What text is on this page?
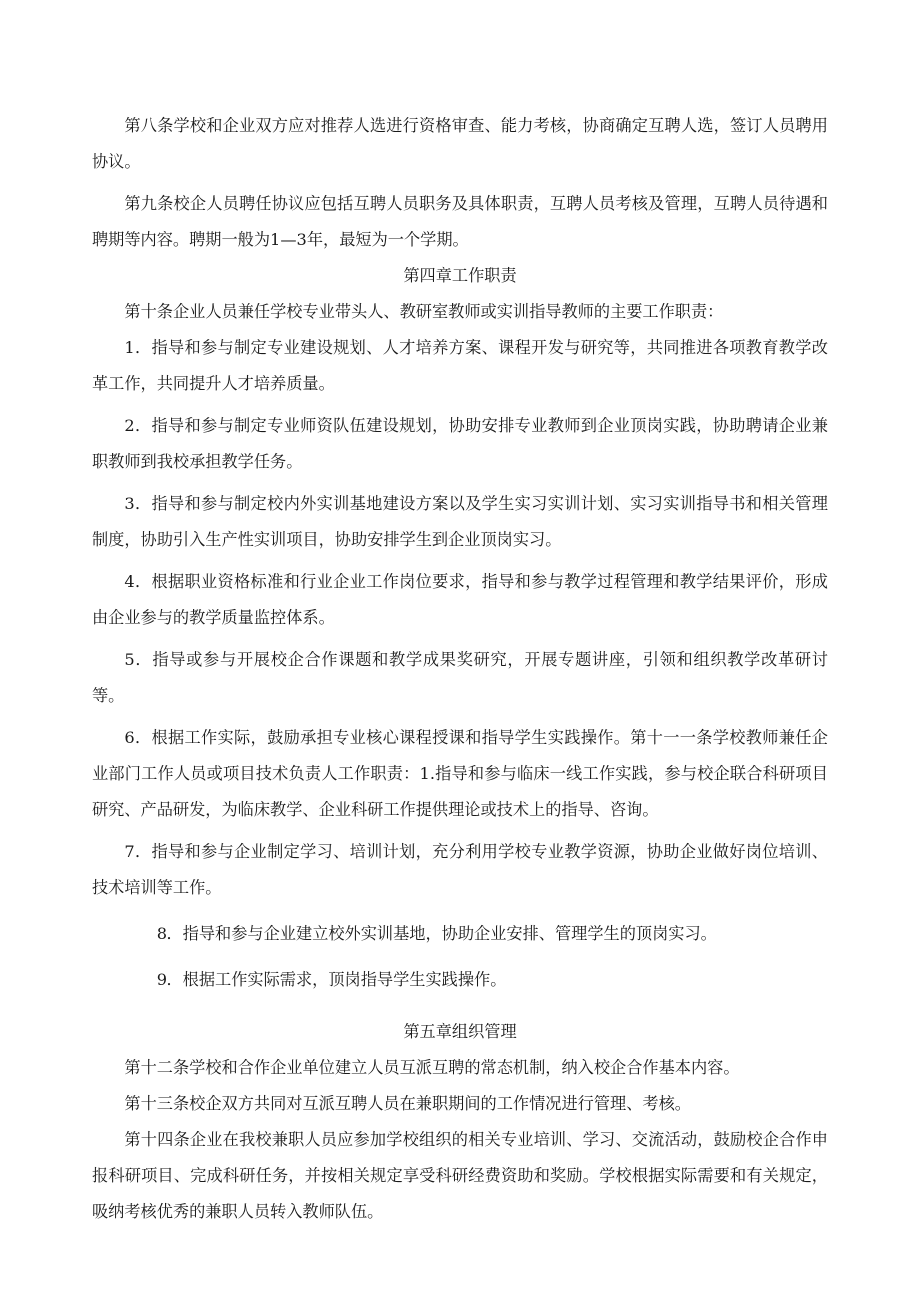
第八条学校和企业双方应对推荐人选进行资格审查、能力考核，协商确定互聘人选，签订人员聘用协议。

第九条校企人员聘任协议应包括互聘人员职务及具体职责，互聘人员考核及管理，互聘人员待遇和聘期等内容。聘期一般为1—3年，最短为一个学期。

第四章工作职责

第十条企业人员兼任学校专业带头人、教研室教师或实训指导教师的主要工作职责：

1．指导和参与制定专业建设规划、人才培养方案、课程开发与研究等，共同推进各项教育教学改革工作，共同提升人才培养质量。

2．指导和参与制定专业师资队伍建设规划，协助安排专业教师到企业顶岗实践，协助聘请企业兼职教师到我校承担教学任务。

3．指导和参与制定校内外实训基地建设方案以及学生实习实训计划、实习实训指导书和相关管理制度，协助引入生产性实训项目，协助安排学生到企业顶岗实习。

4．根据职业资格标准和行业企业工作岗位要求，指导和参与教学过程管理和教学结果评价，形成由企业参与的教学质量监控体系。

5．指导或参与开展校企合作课题和教学成果奖研究，开展专题讲座，引领和组织教学改革研讨等。

6．根据工作实际，鼓励承担专业核心课程授课和指导学生实践操作。第十一一条学校教师兼任企业部门工作人员或项目技术负责人工作职责：1.指导和参与临床一线工作实践，参与校企联合科研项目研究、产品研发，为临床教学、企业科研工作提供理论或技术上的指导、咨询。

7．指导和参与企业制定学习、培训计划，充分利用学校专业教学资源，协助企业做好岗位培训、技术培训等工作。

8．指导和参与企业建立校外实训基地，协助企业安排、管理学生的顶岗实习。

9．根据工作实际需求，顶岗指导学生实践操作。

第五章组织管理

第十二条学校和合作企业单位建立人员互派互聘的常态机制，纳入校企合作基本内容。

第十三条校企双方共同对互派互聘人员在兼职期间的工作情况进行管理、考核。

第十四条企业在我校兼职人员应参加学校组织的相关专业培训、学习、交流活动，鼓励校企合作申报科研项目、完成科研任务，并按相关规定享受科研经费资助和奖励。学校根据实际需要和有关规定，吸纳考核优秀的兼职人员转入教师队伍。
